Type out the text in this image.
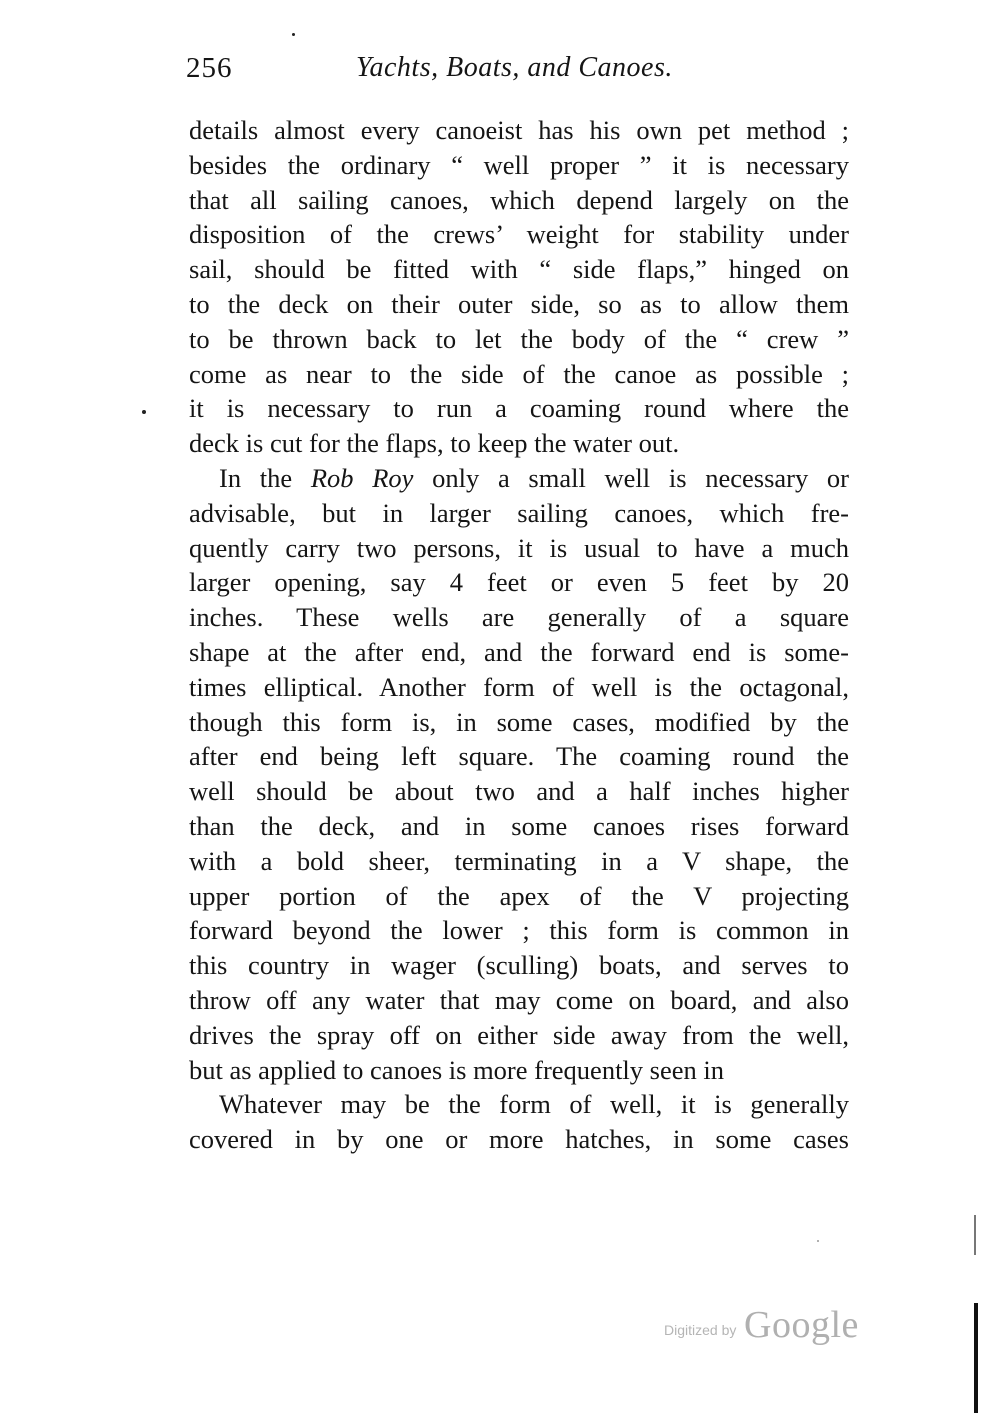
256	Yachts, Boats, and Canoes.
details almost every canoeist has his own pet method ;
besides the ordinary “ well proper ” it is necessary
that all sailing canoes, which depend largely on the
disposition of the crews’ weight for stability under
sail, should be fitted with “ side flaps,” hinged on
to the deck on their outer side, so as to allow them
to be thrown back to let the body of the “ crew ”
come as near to the side of the canoe as possible ;
it is necessary to run a coaming round where the
deck is cut for the flaps, to keep the water out.
In the Rob Roy only a small well is necessary or
advisable, but in larger sailing canoes, which fre-
quently carry two persons, it is usual to have a much
larger opening, say 4 feet or even 5 feet by 20
inches. These wells are generally of a square
shape at the after end, and the forward end is some-
times elliptical. Another form of well is the octagonal,
though this form is, in some cases, modified by the
after end being left square. The coaming round the
well should be about two and a half inches higher
than the deck, and in some canoes rises forward
with a bold sheer, terminating in a V shape, the
upper portion of the apex of the V projecting
forward beyond the lower ; this form is common in
this country in wager (sculling) boats, and serves to
throw off any water that may come on board, and also
drives the spray off on either side away from the well,
but as applied to canoes is more frequently seen in
Whatever may be the form of well, it is generally
covered in by one or more hatches, in some cases
Digitized by Google
